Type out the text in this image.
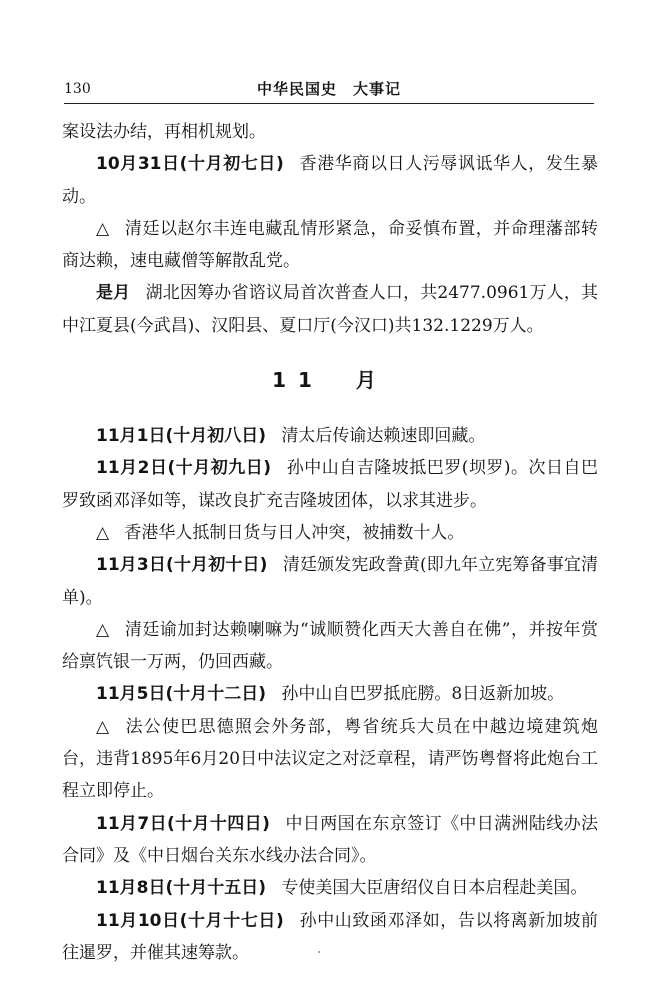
130	中华民国史　大事记

案设法办结，再相机规划。

10月31日(十月初七日) 香港华商以日人污辱讽诋华人，发生暴动。

△ 清廷以赵尔丰连电藏乱情形紧急，命妥慎布置，并命理藩部转商达赖，速电藏僧等解散乱党。

是月 湖北因筹办省谘议局首次普查人口，共2477.0961万人，其中江夏县(今武昌)、汉阳县、夏口厅(今汉口)共132.1229万人。

11　月

11月1日(十月初八日) 清太后传谕达赖速即回藏。

11月2日(十月初九日) 孙中山自吉隆坡抵巴罗(坝罗)。次日自巴罗致函邓泽如等，谋改良扩充吉隆坡团体，以求其进步。

△ 香港华人抵制日货与日人冲突，被捕数十人。

11月3日(十月初十日) 清廷颁发宪政誊黄(即九年立宪筹备事宜清单)。

△ 清廷谕加封达赖喇嘛为“诚顺赞化西天大善自在佛”，并按年赏给禀饩银一万两，仍回西藏。

11月5日(十月十二日) 孙中山自巴罗抵庇朥。8日返新加坡。

△ 法公使巴思德照会外务部，粤省统兵大员在中越边境建筑炮台，违背1895年6月20日中法议定之对泛章程，请严饬粤督将此炮台工程立即停止。

11月7日(十月十四日) 中日两国在东京签订《中日满洲陆线办法合同》及《中日烟台关东水线办法合同》。

11月8日(十月十五日) 专使美国大臣唐绍仪自日本启程赴美国。

11月10日(十月十七日) 孙中山致函邓泽如，告以将离新加坡前往暹罗，并催其速筹款。
